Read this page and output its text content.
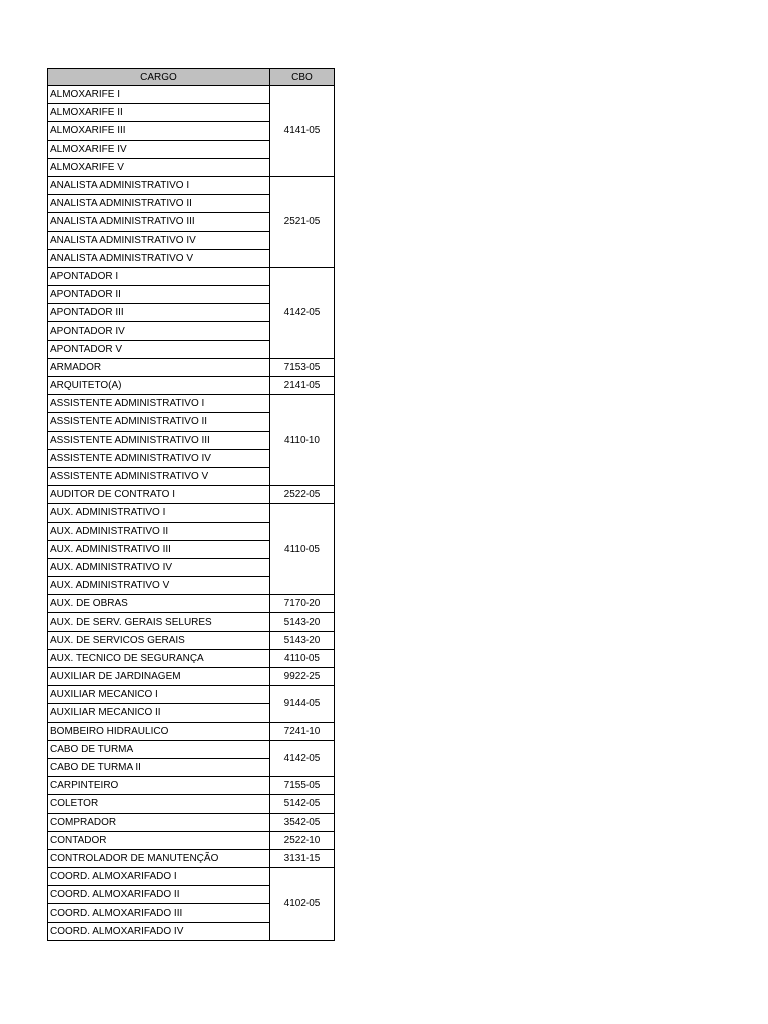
CARGO	CBO
ALMOXARIFE I	4141-05
ALMOXARIFE II	
ALMOXARIFE III	
ALMOXARIFE IV	
ALMOXARIFE V	
ANALISTA ADMINISTRATIVO I	2521-05
ANALISTA ADMINISTRATIVO II	
ANALISTA ADMINISTRATIVO III	
ANALISTA ADMINISTRATIVO IV	
ANALISTA ADMINISTRATIVO V	
APONTADOR I	4142-05
APONTADOR II	
APONTADOR III	
APONTADOR IV	
APONTADOR V	
ARMADOR	7153-05
ARQUITETO(A)	2141-05
ASSISTENTE ADMINISTRATIVO I	4110-10
ASSISTENTE ADMINISTRATIVO II	
ASSISTENTE ADMINISTRATIVO III	
ASSISTENTE ADMINISTRATIVO IV	
ASSISTENTE ADMINISTRATIVO V	
AUDITOR DE CONTRATO I	2522-05
AUX. ADMINISTRATIVO I	4110-05
AUX. ADMINISTRATIVO II	
AUX. ADMINISTRATIVO III	
AUX. ADMINISTRATIVO IV	
AUX. ADMINISTRATIVO V	
AUX. DE OBRAS	7170-20
AUX. DE SERV. GERAIS SELURES	5143-20
AUX. DE SERVICOS GERAIS	5143-20
AUX. TECNICO DE SEGURANÇA	4110-05
AUXILIAR DE JARDINAGEM	9922-25
AUXILIAR MECANICO I	9144-05
AUXILIAR MECANICO II	
BOMBEIRO HIDRAULICO	7241-10
CABO DE TURMA	4142-05
CABO DE TURMA II	
CARPINTEIRO	7155-05
COLETOR	5142-05
COMPRADOR	3542-05
CONTADOR	2522-10
CONTROLADOR DE MANUTENÇÃO	3131-15
COORD. ALMOXARIFADO I	4102-05
COORD. ALMOXARIFADO II	
COORD. ALMOXARIFADO III	
COORD. ALMOXARIFADO IV	
